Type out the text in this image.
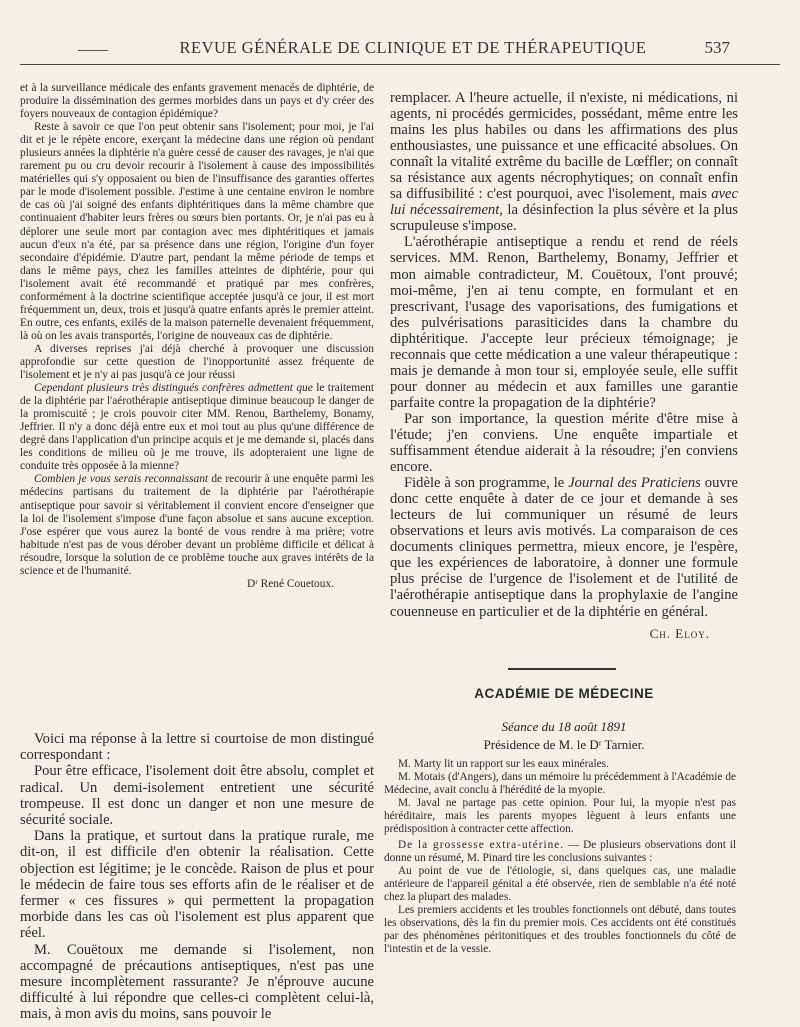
REVUE GÉNÉRALE DE CLINIQUE ET DE THÉRAPEUTIQUE	537

et à la surveillance médicale des enfants gravement menacés de diphtérie, de produire la dissémination des germes morbides dans un pays et d'y créer des foyers nouveaux de contagion épidémique?

Reste à savoir ce que l'on peut obtenir sans l'isolement; pour moi, je l'ai dit et je le répète encore, exerçant la médecine dans une région où pendant plusieurs années la diphtérie n'a guère cessé de causer des ravages, je n'ai que rarement pu ou cru devoir recourir à l'isolement à cause des impossibilités matérielles qui s'y opposaient ou bien de l'insuffisance des garanties offertes par le mode d'isolement possible. J'estime à une centaine environ le nombre de cas où j'ai soigné des enfants diphtéritiques dans la même chambre que continuaient d'habiter leurs frères ou sœurs bien portants. Or, je n'ai pas eu à déplorer une seule mort par contagion avec mes diphtéritiques et jamais aucun d'eux n'a été, par sa présence dans une région, l'origine d'un foyer secondaire d'épidémie. D'autre part, pendant la même période de temps et dans le même pays, chez les familles atteintes de diphtérie, pour qui l'isolement avait été recommandé et pratiqué par mes confrères, conformément à la doctrine scientifique acceptée jusqu'à ce jour, il est mort fréquemment un, deux, trois et jusqu'à quatre enfants après le premier atteint. En outre, ces enfants, exilés de la maison paternelle devenaient fréquemment, là où on les avais transportés, l'origine de nouveaux cas de diphtérie.

A diverses reprises j'ai déjà cherché à provoquer une discussion approfondie sur cette question de l'inopportunité assez fréquente de l'isolement et je n'y ai pas jusqu'à ce jour réussi

Cependant plusieurs très distingués confrères admettent que le traitement de la diphtérie par l'aérothérapie antiseptique diminue beaucoup le danger de la promiscuité ; je crois pouvoir citer MM. Renou, Barthelemy, Bonamy, Jeffrier. Il n'y a donc déjà entre eux et moi tout au plus qu'une différence de degré dans l'application d'un principe acquis et je me demande si, placés dans les conditions de milieu où je me trouve, ils adopteraient une ligne de conduite très opposée à la mienne?

Combien je vous serais reconnaissant de recourir à une enquête parmi les médecins partisans du traitement de la diphtérie par l'aérothérapie antiseptique pour savoir si véritablement il convient encore d'enseigner que la loi de l'isolement s'impose d'une façon absolue et sans aucune exception. J'ose espérer que vous aurez la bonté de vous rendre à ma prière; votre habitude n'est pas de vous dérober devant un problème difficile et délicat à résoudre, lorsque la solution de ce problème touche aux graves intérêts de la science et de l'humanité.

Dʳ René Couetoux.

Voici ma réponse à la lettre si courtoise de mon distingué correspondant :

Pour être efficace, l'isolement doit être absolu, complet et radical. Un demi-isolement entretient une sécurité trompeuse. Il est donc un danger et non une mesure de sécurité sociale.

Dans la pratique, et surtout dans la pratique rurale, me dit-on, il est difficile d'en obtenir la réalisation. Cette objection est légitime; je le concède. Raison de plus et pour le médecin de faire tous ses efforts afin de le réaliser et de fermer « ces fissures » qui permettent la propagation morbide dans les cas où l'isolement est plus apparent que réel.

M. Couëtoux me demande si l'isolement, non accompagné de précautions antiseptiques, n'est pas une mesure incomplètement rassurante? Je n'éprouve aucune difficulté à lui répondre que celles-ci complètent celui-là, mais, à mon avis du moins, sans pouvoir le

remplacer. A l'heure actuelle, il n'existe, ni médications, ni agents, ni procédés germicides, possédant, même entre les mains les plus habiles ou dans les affirmations des plus enthousiastes, une puissance et une efficacité absolues. On connaît la vitalité extrême du bacille de Lœffler; on connaît sa résistance aux agents nécrophytiques; on connaît enfin sa diffusibilité : c'est pourquoi, avec l'isolement, mais avec lui nécessairement, la désinfection la plus sévère et la plus scrupuleuse s'impose.

L'aérothérapie antiseptique a rendu et rend de réels services. MM. Renon, Barthelemy, Bonamy, Jeffrier et mon aimable contradicteur, M. Couëtoux, l'ont prouvé; moi-même, j'en ai tenu compte, en formulant et en prescrivant, l'usage des vaporisations, des fumigations et des pulvérisations parasiticides dans la chambre du diphtéritique. J'accepte leur précieux témoignage; je reconnais que cette médication a une valeur thérapeutique : mais je demande à mon tour si, employée seule, elle suffit pour donner au médecin et aux familles une garantie parfaite contre la propagation de la diphtérie?

Par son importance, la question mérite d'être mise à l'étude; j'en conviens. Une enquête impartiale et suffisamment étendue aiderait à la résoudre; j'en conviens encore.

Fidèle à son programme, le Journal des Praticiens ouvre donc cette enquête à dater de ce jour et demande à ses lecteurs de lui communiquer un résumé de leurs observations et leurs avis motivés. La comparaison de ces documents cliniques permettra, mieux encore, je l'espère, que les expériences de laboratoire, à donner une formule plus précise de l'urgence de l'isolement et de l'utilité de l'aérothérapie antiseptique dans la prophylaxie de l'angine couenneuse en particulier et de la diphtérie en général.

Ch. Eloy.
ACADÉMIE DE MÉDECINE
Séance du 18 août 1891
Présidence de M. le Dʳ Tarnier.

M. Marty lit un rapport sur les eaux minérales.

M. Motais (d'Angers), dans un mémoire lu précédemment à l'Académie de Médecine, avait conclu à l'hérédité de la myopie.

M. Javal ne partage pas cette opinion. Pour lui, la myopie n'est pas héréditaire, mais les parents myopes lèguent à leurs enfants une prédisposition à contracter cette affection.

De la grossesse extra-utérine. — De plusieurs observations dont il donne un résumé, M. Pinard tire les conclusions suivantes :

Au point de vue de l'étiologie, si, dans quelques cas, une maladie antérieure de l'appareil génital a été observée, rien de semblable n'a été noté chez la plupart des malades.

Les premiers accidents et les troubles fonctionnels ont débuté, dans toutes les observations, dès la fin du premier mois. Ces accidents ont été constitués par des phénomènes péritonitiques et des troubles fonctionnels du côté de l'intestin et de la vessie.
